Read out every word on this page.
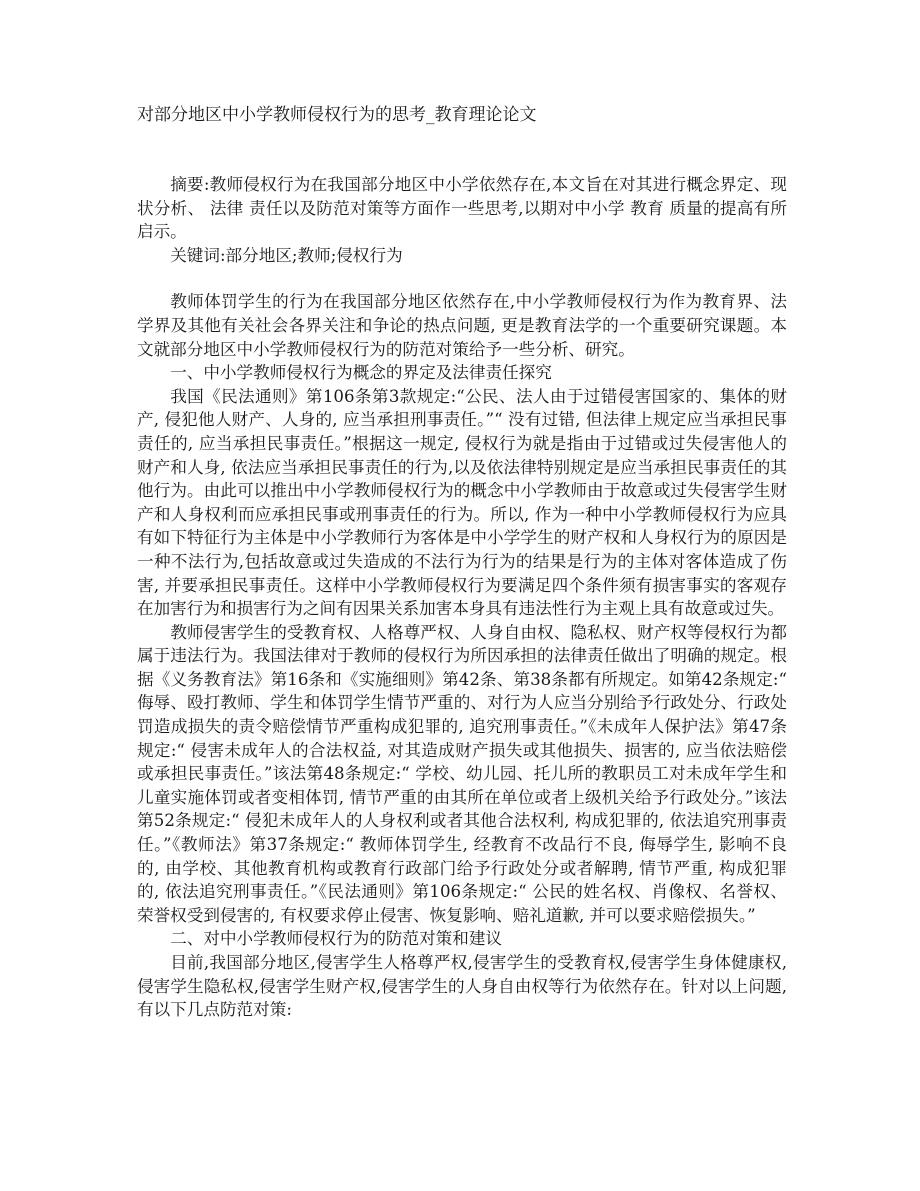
对部分地区中小学教师侵权行为的思考_教育理论论文

摘要:教师侵权行为在我国部分地区中小学依然存在,本文旨在对其进行概念界定、现状分析、 法律 责任以及防范对策等方面作一些思考,以期对中小学 教育 质量的提高有所启示。

关键词:部分地区;教师;侵权行为

教师体罚学生的行为在我国部分地区依然存在,中小学教师侵权行为作为教育界、法学界及其他有关社会各界关注和争论的热点问题, 更是教育法学的一个重要研究课题。本文就部分地区中小学教师侵权行为的防范对策给予一些分析、研究。

一、中小学教师侵权行为概念的界定及法律责任探究

我国《民法通则》第106条第3款规定:“公民、法人由于过错侵害国家的、集体的财产, 侵犯他人财产、人身的, 应当承担刑事责任。”“ 没有过错, 但法律上规定应当承担民事责任的, 应当承担民事责任。”根据这一规定, 侵权行为就是指由于过错或过失侵害他人的财产和人身, 依法应当承担民事责任的行为,以及依法律特别规定是应当承担民事责任的其他行为。由此可以推出中小学教师侵权行为的概念中小学教师由于故意或过失侵害学生财产和人身权利而应承担民事或刑事责任的行为。所以, 作为一种中小学教师侵权行为应具有如下特征行为主体是中小学教师行为客体是中小学学生的财产权和人身权行为的原因是一种不法行为,包括故意或过失造成的不法行为行为的结果是行为的主体对客体造成了伤害, 并要承担民事责任。这样中小学教师侵权行为要满足四个条件须有损害事实的客观存在加害行为和损害行为之间有因果关系加害本身具有违法性行为主观上具有故意或过失。

教师侵害学生的受教育权、人格尊严权、人身自由权、隐私权、财产权等侵权行为都属于违法行为。我国法律对于教师的侵权行为所因承担的法律责任做出了明确的规定。根据《义务教育法》第16条和《实施细则》第42条、第38条都有所规定。如第42条规定:“ 侮辱、殴打教师、学生和体罚学生情节严重的、对行为人应当分别给予行政处分、行政处罚造成损失的责令赔偿情节严重构成犯罪的, 追究刑事责任。”《未成年人保护法》第47条规定:“ 侵害未成年人的合法权益, 对其造成财产损失或其他损失、损害的, 应当依法赔偿或承担民事责任。”该法第48条规定:“ 学校、幼儿园、托儿所的教职员工对未成年学生和儿童实施体罚或者变相体罚, 情节严重的由其所在单位或者上级机关给予行政处分。”该法第52条规定:“ 侵犯未成年人的人身权利或者其他合法权利, 构成犯罪的, 依法追究刑事责任。”《教师法》第37条规定:“ 教师体罚学生, 经教育不改品行不良, 侮辱学生, 影响不良的, 由学校、其他教育机构或教育行政部门给予行政处分或者解聘, 情节严重, 构成犯罪的, 依法追究刑事责任。”《民法通则》第106条规定:“ 公民的姓名权、肖像权、名誉权、荣誉权受到侵害的, 有权要求停止侵害、恢复影响、赔礼道歉, 并可以要求赔偿损失。”

二、对中小学教师侵权行为的防范对策和建议

目前,我国部分地区,侵害学生人格尊严权,侵害学生的受教育权,侵害学生身体健康权,侵害学生隐私权,侵害学生财产权,侵害学生的人身自由权等行为依然存在。针对以上问题,有以下几点防范对策:
